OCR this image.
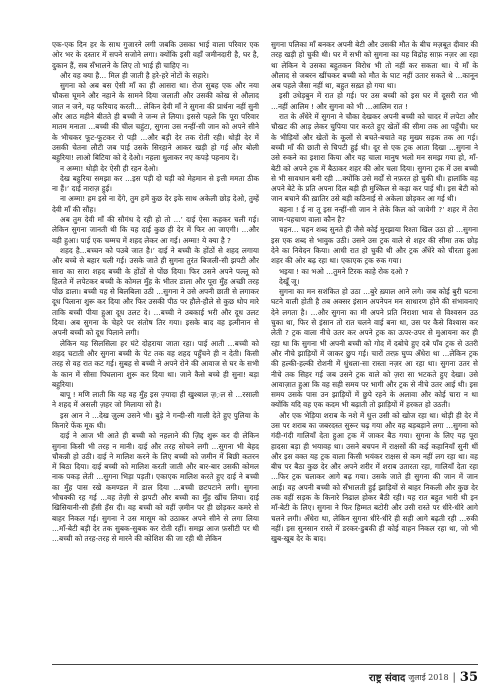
एक-एक दिन हर के साथ गुजारने लगी जबकि उसका भाई वाला परिवार एक ओर भर के दस्तार में सपने सजोने लगा। क्योंकि इसी वहाँ जमीनदारी है, घर है, दुकान हैं, सब सँभालने के लिए तो भाई ही चाहिए न।

और वह क्या है... मिल ही जाती है हरे-हरे नोटों के सहारे।

सुगना को अब बस ऐसी माँ का ही आसरा था। रोज सुबह एक और नया चौकस घूमने और नहाने के सामने दिया जलाती और उसकी कोख से औलाद जात न जने, यह फरियाद करती... लेकिन देवी माँ ने सुगना की प्रार्थना नहीं सुनी और आठ महीने बीतते ही बच्ची ने जन्म ले लिया। इससे पहले कि पूरा परिवार मातम मनाता ...बच्ची की चील चहुंटा, सुगना उस नन्हीं-सी जान को अपने सीने के भीचकर फूट-फूटकर रो पड़ी ...और बड़ी देर तक रोती रही। थोड़ी देर में उसकी चेतना लौटी जब पाई उसके सिरहाने आकर खड़ी हो गई और बोली बहुरिया! लाओ बिटिया को दे देओ। नहला धुलाकर नए कपड़े पहनाय दें।

न अम्मा! थोड़ी देर ऐसी ही रहन देओ।

देख बहुरिया समझा कर ...इस पड़ी दो घड़ी को मेहमान से इत्ती ममता ठीक ना हैं।’ दाई नाराज़ हुई।

ना अम्मा! हम इसे ना देंगे, तुम हमें कुछ देर इके साथ अकेली छोड़ देओ, तुम्हें देवी माँ की सौंह।

अब तुम देवी माँ की सौगंध दे रही हो तो ...’ दाई ऐसा कहकर चली गई। लेकिन सुगना जानती थी कि यह दाई कुछ ही देर में फिर आ जाएगी। ...और वही हुआ। पाई एक चम्मच में शहद लेकर आ गई। अम्मा! ये क्या है ?

शहद है...बच्चन को पउबे जात है।’ दाई ने बच्ची के होंठों से शहद लगाया और बच्चे से बहार चली गई। उसके जाते ही सुगना तुरंत बिजली-सी झपटी और सारा का सारा शहद बच्ची के होंठों से पोंछ दिया। फिर उसने अपने पल्लू को हिलते में लपेटकर बच्ची के कोमल मुँह के भीतर डाला और पूरा मुँह अच्छी तरह पोंछ डाला। बच्ची यह से बिलबिला उठी ...सुगना ने उसे अपनी छाती से लगाकर दूध पिलाना शुरू कर दिया और फिर उसकी पीठ पर हौले-हौले से कुछ थोप मारे ताकि बच्ची पीया हुआ दूध उलट दे। ...बच्ची ने उबकाई भरी और दूध उलट दिया। अब सुगना के चेहरे पर संतोष तिर गया। इसके बाद वह इत्मीनान से अपनी बच्ची को दूध पिलाने लगी।

लेकिन यह सिलसिला हर घंटे दोहराया जाता रहा। पाई आती ...बच्ची को शहद चटाती और सुगना बच्ची के पेट तक वह शहद पहुँचने ही न देती। किसी तरह से वह रात कट गई। सुबह से बच्ची ने अपने रोने की आवाज से घर के सभी के कान में सीसा पिघलाना शुरू कर दिया था। जाने कैसे बच्चे ही सुना! बड़ा बहुरिया।

बापू ! मणि लाती कि यह वह मुँह इस ज़्यादा ही खुश्बाल ज़़़ल से ...रसाली ने शहद में असली ज़हर जो मिलाया सो है।

इस आन ने ...देख ज़ुल्म उसने भी। बुड़े ने गन्दी-सी गाली देते हुए पुलिया के किनारे फेंक मूक थी।

दाई ने आज भी आते ही बच्ची को नहलाने की ज़िद्द शुरू कर दी लेकिन सुगना किसी भी तरह न मानी। दाई और तरह सोचने लगी ...सुगना भी बेहद चौकन्नी हो उठी। दाई ने मालिश करने के लिए बच्ची को जमीन में बिछी कतरन में बिठा दिया। दाई बच्ची को मालिश करती जाती और बार-बार उसकी कोमल नाक पकड़ लेती ...सुगना भिड़ा पड़ती। एकाएक मालिश करते हुए दाई ने बच्ची का मुँह पास रखे कमण्डल में डाल दिया ...बच्ची छटपटाने लगी। सुगना भौचक्की रह गई ...वह तेज़ी से झपटी और बच्ची का मुँह खींच लिया। दाई खिसियानी-सी हँसी हँस दी। वह बच्ची को वहीं ज़मीन पर ही छोड़कर कमरे से बाहर निकल गई। सुगना ने उस मासूम को उठाकर अपने सीने से लगा लिया ...माँ-बेटी बड़ी देर तक सुबक-सुबक कर रोती रहीं। समझ आज फ़सीटी पर थी ...बच्ची को तरह-तरह से मारने की कोशिश की जा रही थी लेकिन

सुगना पलिका माँ बनकर अपनी बेटी और उसकी मौत के बीच मज़बूत दीवार की तरह खड़ी हो चुकी थी। घर में सभी को सुगना का यह विद्रोह साफ़ नज़र आ रहा था लेकिन ये उसका बहुतकन विरोध भी तो नहीं कर सकता था। ये माँ के औलाद से जबरन खींचकर बच्ची को मौत के घाट नहीं उतार सकते थे ...कानून अब पहले जैसा नहीं था, बहुत सख़्त हो गया था।

इसी उधेड़बुन में रात हो गई। पर उस बच्ची को इस घर में दूसरी रात भी ...नहीं आलिम ! और सुगना को भी ...आलिम रात !

रात के अँधेरे में सुगना ने चौका देखकर अपनी बच्ची को चादर में लपेटा और चौखट की आड़ लेकर चुपिया पार करते हुए खेतों की सीमा तक आ पहुँची। घर के भीड़ियों और खेतों के कूलों से बचते-बचाते वह मुख्य सड़क तक आ गई। बच्ची माँ की छाती से चिपटी हुई थी। दूर से एक ट्रक आता दिखा ...सुगना ने उसे रुकने का इशारा किया और यह चाला मानुष भलो मन समझ गया हो, माँ-बेटी को अपने ट्रक में बैठाकर शहर की ओर चला दिया। सुगना ट्रक में उस बच्ची से भी सावधान बनी रही ...क्योंकि उसे मर्दों से नफ़रत हो चुकी थी। हालांकि वह अपने बेटे के प्रति अपना दिल बड़ी ही मुश्किल से कड़ा कर पाई थी। इस बेटी को जान बचाने की ख़ातिर उसे बड़ी कठिनाई से अकेला छोड़कर आ गई थी।

बहना ! ई ना तू इस नन्हीं-सी जान ने लेके किल को जावेगी ?’ शहर में तेरा जाण-पहचाण वाला कौन है?

चहन... चहन शब्द सुनते ही जैसे कोई मुरझाया रिश्ता खिल उठा हो ...सुगना इस एक शब्द से भावुक उठी। उसने उस ट्रक वाले से शहर की सीमा तक छोड़ देने का निवेदन किया। आधी रात हो चुकी थी और ट्रक अँधेरे को चीरता हुआ शहर की ओर बढ़ रहा था। एकाएक ट्रक रुक गया।

भइया ! का भओ ...तुमने टिरक काहे रोक दओ ?

देखूँ जू।

सुगना का मन सशंकित हो उठा ...बुरे ख़्याल आने लगे। जब कोई बुरी घटना घटने वाली होती है तब अक्सर इंसान अपनेपन मन साधारण होने की संभावनाएं देने लगता है। ...और सुगना का मी अपने प्रति निराशा भाव से विश्वसन उठ चुका था, फिर से इंसान तो रात चलने वाई बना था, उस पर कैसे विश्वास कर लेती ? ट्रक वाला नीचे उतर कर अपने ट्रक का ऊपर-उपर से मुआयना कर ही रहा था कि सुगना भी अपनी बच्ची को गोद में दबोचे हुए दबे पाँव ट्रक से उतरी और नीचे झाड़ियों में जाकर छुप गई। चारों तरफ़ घुप्प अँधेरा था ...लेकिन ट्रक की हल्की-हल्की रोशनी में धुंधला-सा रास्ता नज़र आ रहा था। सुगना उतर से नीचे तक सिहर गई जब उसने ट्रक वाले को ज़रा सा भटकते हुए देखा। उसे आवाज़ात हुआ कि वह सही समय पर भागी और ट्रक से नीचे उतर आई थी। इस समय उसके पास उन झाड़ियों में छुपे रहने के अलावा और कोई चारा न था क्योंकि यदि वह एक कदम भी बढ़ाती तो झाड़ियों में हरकत हो उठती।

और एक भेड़िया शराब के नशे में धुत्त उसी को खोज रहा था। थोड़ी ही देर में उस पर शराब का जबरदस्त सुरूर चढ़ गया और वह बड़बड़ाने लगा ...सुगना को गंदी-गंदी गालियाँ देता हुआ ट्रक में जाकर बैठ गया। सुगना के लिए यह पूरा हादसा बड़ा ही भयावह था। उसने बचपन में राक्षसों की कई कहानियाँ सुनी थीं और इस वक्त यह ट्रक वाला किसी भयंकर राक्षस से कम नहीं लग रहा था। वह बीच पर बैठा कुछ देर और अपने शरीर में शराब उतारता रहा, गालियाँ देता रहा ...फिर ट्रक चलाकर आगे बढ़ गया। उसके जाते ही सुगना की जान में जान आई। वह अपनी बच्ची को सँभालती हुई झाड़ियों से बाहर निकली और कुछ देर तक वहीं सड़क के किनारे निढाल होकर बैठी रही। यह रात बहुत भारी थी इन माँ-बेटी के लिए। सुगना ने फिर हिम्मत बटोरी और उसी रास्ते पर धीरे-धीरे आगे चलने लगी। अँधेरा था, लेकिन सुगना धीरे-धीरे ही सही आगे बढ़ती रही ...रुकी नहीं। इस सुनसान रास्ते में डरकर-डुबकी ही कोई वाहन निकल रहा था, जो भी खुब-खूब देर के बाद।

राष्ट्र संवाद जुलाई 2018 | 35
